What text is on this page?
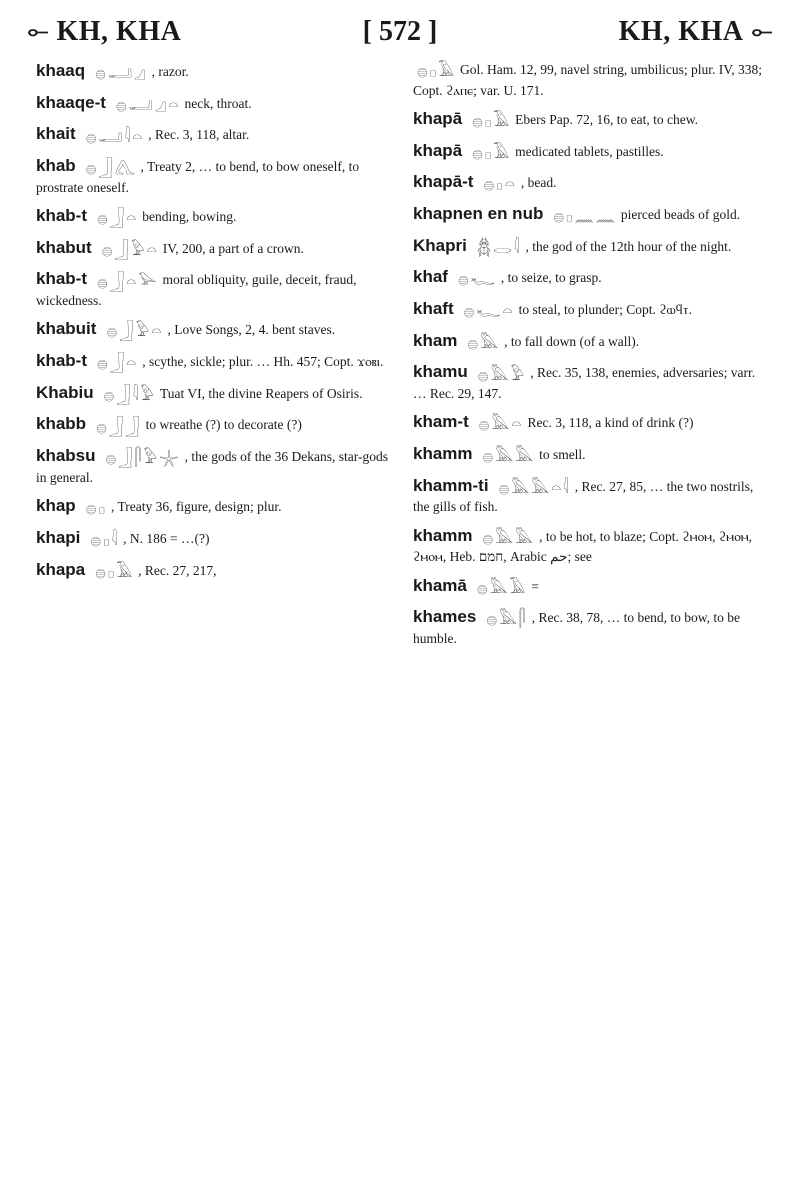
⟜ KH, KHA	[ 572 ]	KH, KHA ⟜
khaaq 𓐍𓂝𓈎 , razor.
khaaqe-t 𓐍𓂝𓈎𓏏 neck, throat.
khait 𓐍𓂝𓇋𓏏 , Rec. 3, 118, altar.
khab 𓐍𓃀𓂽 , Treaty 2, … to bend, to bow oneself, to prostrate oneself.
khab-t 𓐍𓃀𓏏 bending, bowing.
khabut 𓐍𓃀𓅱𓏏 IV, 200, a part of a crown.
khab-t 𓐍𓃀𓏏𓅪 moral obliquity, guile, deceit, fraud, wickedness.
khabuit 𓐍𓃀𓅱𓏏 , Love Songs, 2, 4. bent staves.
khab-t 𓐍𓃀𓏏 , scythe, sickle; plur. … Hh. 457; Copt. ϫⲟⲃⲓ.
Khabiu 𓐍𓃀𓇋𓅱 Tuat VI, the divine Reapers of Osiris.
khabb 𓐍𓃀𓃀 to wreathe (?) to decorate (?)
khabsu 𓐍𓃀𓋴𓅱𓇼 , the gods of the 36 Dekans, star-gods in general.
khap 𓐍𓊪 , Treaty 36, figure, design; plur.
khapi 𓐍𓊪𓇋 , N. 186 = …(?)
khapa 𓐍𓊪𓄿 , Rec. 27, 217,
𓐍𓊪𓄿 Gol. Ham. 12, 99, navel string, umbilicus; plur. IV, 338; Copt. ϩⲁⲡⲉ; var. U. 171.
khapā 𓐍𓊪𓄿 Ebers Pap. 72, 16, to eat, to chew.
khapā 𓐍𓊪𓄿 medicated tablets, pastilles.
khapā-t 𓐍𓊪𓏏 , bead.
khapnen en nub 𓐍𓊪𓈖𓈖 pierced beads of gold.
Khapri 𓆣𓂋𓇋 , the god of the 12th hour of the night.
khaf 𓐍𓆑 , to seize, to grasp.
khaft 𓐍𓆑𓏏 to steal, to plunder; Copt. ϩⲱϥⲧ.
kham 𓐍𓅓 , to fall down (of a wall).
khamu 𓐍𓅓𓅱 , Rec. 35, 138, enemies, adversaries; varr. … Rec. 29, 147.
kham-t 𓐍𓅓𓏏 Rec. 3, 118, a kind of drink (?)
khamm 𓐍𓅓𓅓 to smell.
khamm-ti 𓐍𓅓𓅓𓏏𓇋 , Rec. 27, 85, … the two nostrils, the gills of fish.
khamm 𓐍𓅓𓅓 , to be hot, to blaze; Copt. ϩⲙⲟⲙ, ϩⲙⲟⲙ, ϩⲙⲟⲙ, Heb. חמם, Arabic حم; see
khamā 𓐍𓅓𓄿 =
khames 𓐍𓅓𓋴 , Rec. 38, 78, … to bend, to bow, to be humble.
